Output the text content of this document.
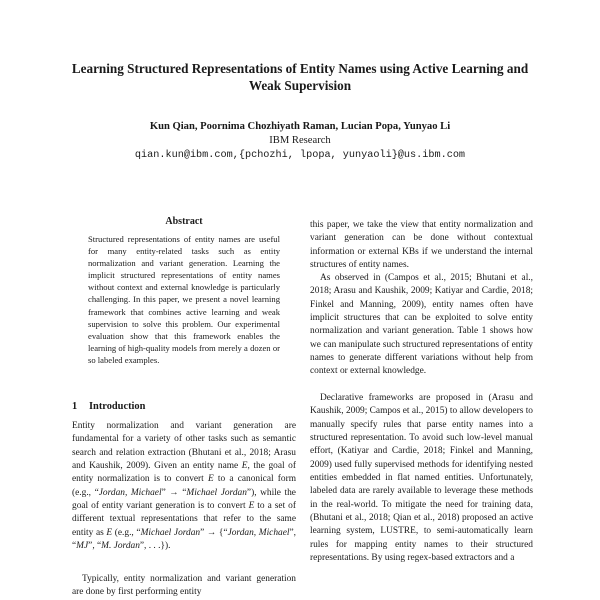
Learning Structured Representations of Entity Names using Active Learning and Weak Supervision
Kun Qian, Poornima Chozhiyath Raman, Lucian Popa, Yunyao Li
IBM Research
qian.kun@ibm.com,{pchozhi, lpopa, yunyaoli}@us.ibm.com
Abstract

Structured representations of entity names are useful for many entity-related tasks such as entity normalization and variant generation. Learning the implicit structured representations of entity names without context and external knowledge is particularly challenging. In this paper, we present a novel learning framework that combines active learning and weak supervision to solve this problem. Our experimental evaluation show that this framework enables the learning of high-quality models from merely a dozen or so labeled examples.

1 Introduction

Entity normalization and variant generation are fundamental for a variety of other tasks such as semantic search and relation extraction (Bhutani et al., 2018; Arasu and Kaushik, 2009). Given an entity name E, the goal of entity normalization is to convert E to a canonical form (e.g., “Jordan, Michael” → “Michael Jordan”), while the goal of entity variant generation is to convert E to a set of different textual representations that refer to the same entity as E (e.g., “Michael Jordan” → {“Jordan, Michael”, “MJ”, “M. Jordan”, . . .}).

Typically, entity normalization and variant generation are done by first performing entity

this paper, we take the view that entity normalization and variant generation can be done without contextual information or external KBs if we understand the internal structures of entity names.

As observed in (Campos et al., 2015; Bhutani et al., 2018; Arasu and Kaushik, 2009; Katiyar and Cardie, 2018; Finkel and Manning, 2009), entity names often have implicit structures that can be exploited to solve entity normalization and variant generation. Table 1 shows how we can manipulate such structured representations of entity names to generate different variations without help from context or external knowledge.

Declarative frameworks are proposed in (Arasu and Kaushik, 2009; Campos et al., 2015) to allow developers to manually specify rules that parse entity names into a structured representation. To avoid such low-level manual effort, (Katiyar and Cardie, 2018; Finkel and Manning, 2009) used fully supervised methods for identifying nested entities embedded in flat named entities. Unfortunately, labeled data are rarely available to leverage these methods in the real-world. To mitigate the need for training data, (Bhutani et al., 2018; Qian et al., 2018) proposed an active learning system, LUSTRE, to semi-automatically learn rules for mapping entity names to their structured representations. By using regex-based extractors and a
